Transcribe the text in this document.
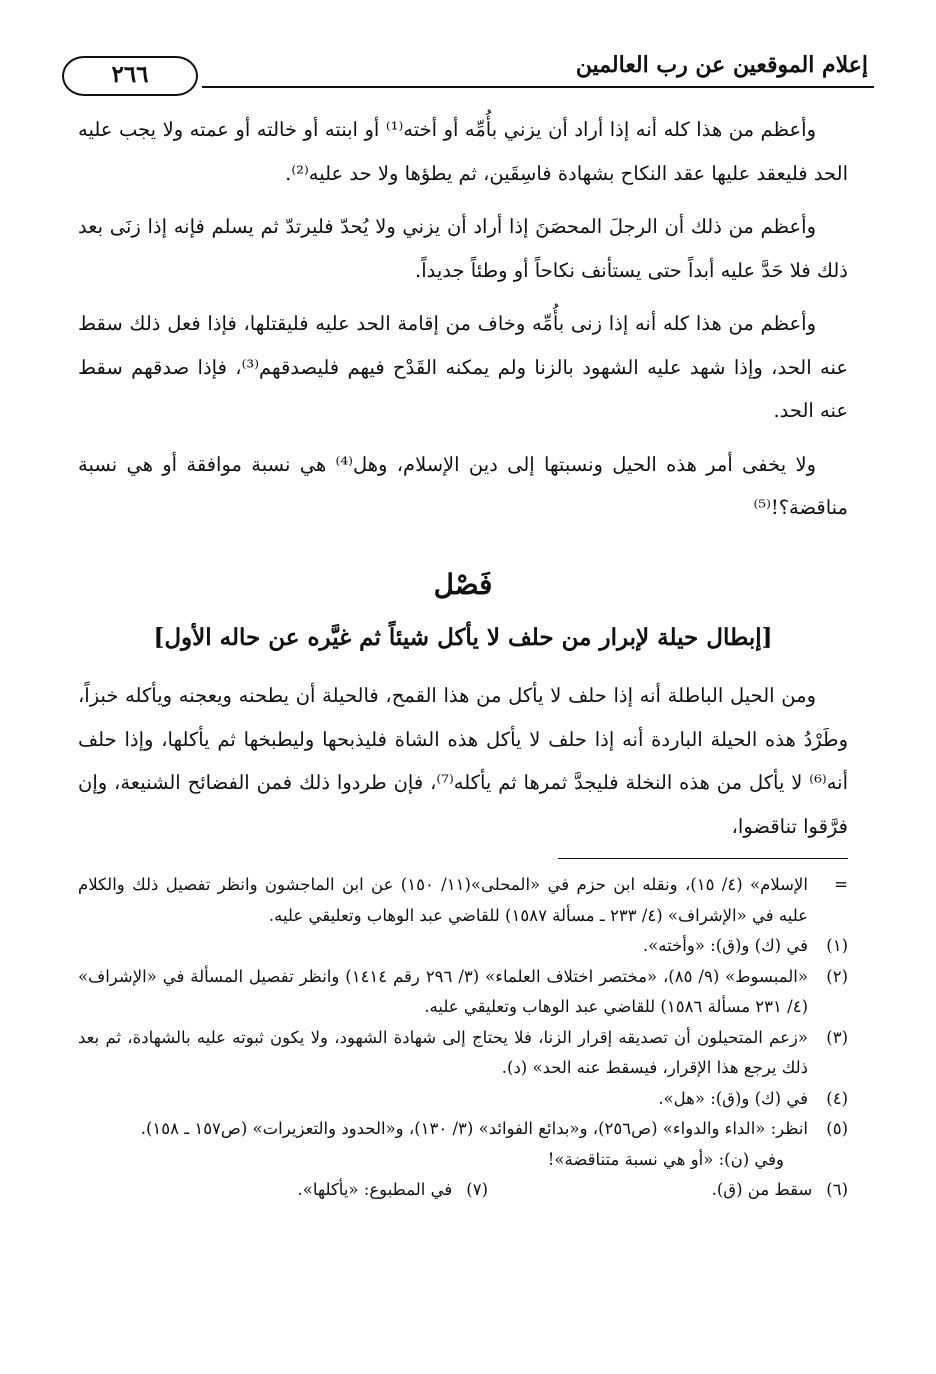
إعلام الموقعين عن رب العالمين
٢٦٦

وأعظم من هذا كله أنه إذا أراد أن يزني بأُمِّه أو أخته⁽¹⁾ أو ابنته أو خالته أو عمته ولا يجب عليه الحد فليعقد عليها عقد النكاح بشهادة فاسِقَين، ثم يطؤها ولا حد عليه⁽²⁾.

وأعظم من ذلك أن الرجلَ المحصَنَ إذا أراد أن يزني ولا يُحدّ فليرتدّ ثم يسلم فإنه إذا زنَى بعد ذلك فلا حَدَّ عليه أبداً حتى يستأنف نكاحاً أو وطئاً جديداً.

وأعظم من هذا كله أنه إذا زنى بأُمِّه وخاف من إقامة الحد عليه فليقتلها، فإذا فعل ذلك سقط عنه الحد، وإذا شهد عليه الشهود بالزنا ولم يمكنه القَدْح فيهم فليصدقهم⁽³⁾، فإذا صدقهم سقط عنه الحد.

ولا يخفى أمر هذه الحيل ونسبتها إلى دين الإسلام، وهل⁽⁴⁾ هي نسبة موافقة أو هي نسبة مناقضة؟!⁽⁵⁾

فَصْل
[إبطال حيلة لإبرار من حلف لا يأكل شيئاً ثم غيَّره عن حاله الأول]

ومن الحيل الباطلة أنه إذا حلف لا يأكل من هذا القمح، فالحيلة أن يطحنه ويعجنه ويأكله خبزاً، وطَرْدُ هذه الحيلة الباردة أنه إذا حلف لا يأكل هذه الشاة فليذبحها وليطبخها ثم يأكلها، وإذا حلف أنه⁽⁶⁾ لا يأكل من هذه النخلة فليجدَّ ثمرها ثم يأكله⁽⁷⁾، فإن طردوا ذلك فمن الفضائح الشنيعة، وإن فرَّقوا تناقضوا،

=
الإسلام» (٤/ ١٥)، ونقله ابن حزم في «المحلى»(١١/ ١٥٠) عن ابن الماجشون وانظر تفصيل ذلك والكلام عليه في «الإشراف» (٤/ ٢٣٣ ـ مسألة ١٥٨٧) للقاضي عبد الوهاب وتعليقي عليه.

(١)
في (ك) و(ق): «وأخته».

(٢)
«المبسوط» (٩/ ٨٥)، «مختصر اختلاف العلماء» (٣/ ٢٩٦ رقم ١٤١٤) وانظر تفصيل المسألة في «الإشراف» (٤/ ٢٣١ مسألة ١٥٨٦) للقاضي عبد الوهاب وتعليقي عليه.

(٣)
«زعم المتحيلون أن تصديقه إقرار الزنا، فلا يحتاج إلى شهادة الشهود، ولا يكون ثبوته عليه بالشهادة، ثم بعد ذلك يرجع هذا الإقرار، فيسقط عنه الحد» (د).

(٤)
في (ك) و(ق): «هل».

(٥)
انظر: «الداء والدواء» (ص٢٥٦)، و«بدائع الفوائد» (٣/ ١٣٠)، و«الحدود والتعزيرات» (ص١٥٧ ـ ١٥٨).

وفي (ن): «أو هي نسبة متناقضة»!

(٦)سقط من (ق).
(٧)في المطبوع: «يأكلها».
